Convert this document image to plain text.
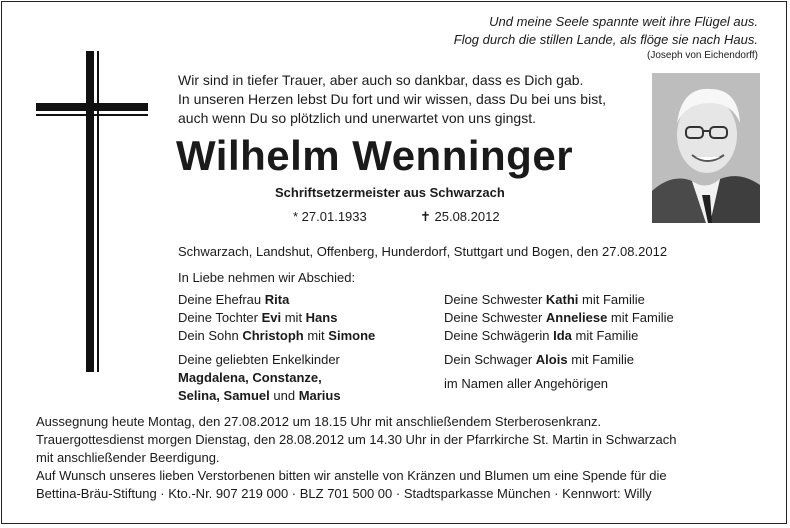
Und meine Seele spannte weit ihre Flügel aus.
Flog durch die stillen Lande, als flöge sie nach Haus.
(Joseph von Eichendorff)
Wir sind in tiefer Trauer, aber auch so dankbar, dass es Dich gab.
In unseren Herzen lebst Du fort und wir wissen, dass Du bei uns bist,
auch wenn Du so plötzlich und unerwartet von uns gingst.
Wilhelm Wenninger
Schriftsetzermeister aus Schwarzach
* 27.01.1933	✝ 25.08.2012
Schwarzach, Landshut, Offenberg, Hunderdorf, Stuttgart und Bogen, den 27.08.2012
In Liebe nehmen wir Abschied:
Deine Ehefrau Rita
Deine Tochter Evi mit Hans
Dein Sohn Christoph mit Simone
Deine geliebten Enkelkinder
Magdalena, Constanze,
Selina, Samuel und Marius
Deine Schwester Kathi mit Familie
Deine Schwester Anneliese mit Familie
Deine Schwägerin Ida mit Familie
Dein Schwager Alois mit Familie
im Namen aller Angehörigen
Aussegnung heute Montag, den 27.08.2012 um 18.15 Uhr mit anschließendem Sterberosenkranz.
Trauergottesdienst morgen Dienstag, den 28.08.2012 um 14.30 Uhr in der Pfarrkirche St. Martin in Schwarzach
mit anschließender Beerdigung.
Auf Wunsch unseres lieben Verstorbenen bitten wir anstelle von Kränzen und Blumen um eine Spende für die
Bettina-Bräu-Stiftung · Kto.-Nr. 907 219 000 · BLZ 701 500 00 · Stadtsparkasse München · Kennwort: Willy
